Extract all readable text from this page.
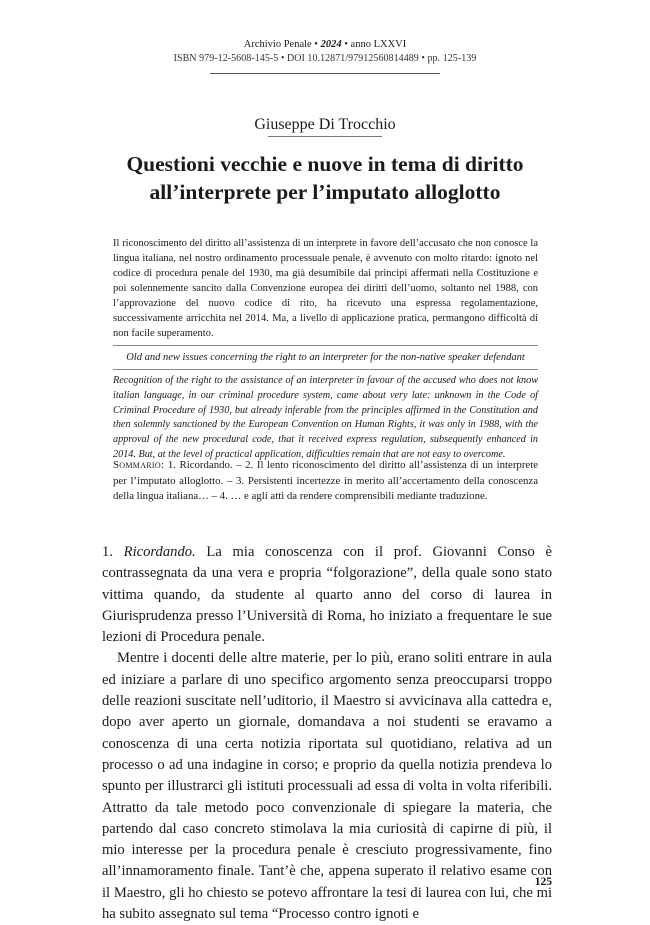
Archivio Penale • 2024 • anno LXXVI
ISBN 979-12-5608-145-5 • DOI 10.12871/97912560814489 • pp. 125-139
Giuseppe Di Trocchio
Questioni vecchie e nuove in tema di diritto
all’interprete per l’imputato alloglotto

Il riconoscimento del diritto all’assistenza di un interprete in favore dell’accusato che non conosce la lingua italiana, nel nostro ordinamento processuale penale, è avvenuto con molto ritardo: ignoto nel codice di procedura penale del 1930, ma già desumibile dai principi affermati nella Costituzione e poi solennemente sancito dalla Convenzione europea dei diritti dell’uomo, soltanto nel 1988, con l’approvazione del nuovo codice di rito, ha ricevuto una espressa regolamentazione, successivamente arricchita nel 2014. Ma, a livello di applicazione pratica, permangono difficoltà di non facile superamento.

Old and new issues concerning the right to an interpreter for the non-native speaker defendant

Recognition of the right to the assistance of an interpreter in favour of the accused who does not know italian language, in our criminal procedure system, came about very late: unknown in the Code of Criminal Procedure of 1930, but already inferable from the principles affirmed in the Constitution and then solemnly sanctioned by the European Convention on Human Rights, it was only in 1988, with the approval of the new procedural code, that it received express regulation, subsequently enhanced in 2014. But, at the level of practical application, difficulties remain that are not easy to overcome.

Sommario: 1. Ricordando. – 2. Il lento riconoscimento del diritto all’assistenza di un interprete per l’imputato alloglotto. – 3. Persistenti incertezze in merito all’accertamento della conoscenza della lingua italiana… – 4. … e agli atti da rendere comprensibili mediante traduzione.

1. Ricordando. La mia conoscenza con il prof. Giovanni Conso è contrassegnata da una vera e propria “folgorazione”, della quale sono stato vittima quando, da studente al quarto anno del corso di laurea in Giurisprudenza presso l’Università di Roma, ho iniziato a frequentare le sue lezioni di Procedura penale.

Mentre i docenti delle altre materie, per lo più, erano soliti entrare in aula ed iniziare a parlare di uno specifico argomento senza preoccuparsi troppo delle reazioni suscitate nell’uditorio, il Maestro si avvicinava alla cattedra e, dopo aver aperto un giornale, domandava a noi studenti se eravamo a conoscenza di una certa notizia riportata sul quotidiano, relativa ad un processo o ad una indagine in corso; e proprio da quella notizia prendeva lo spunto per illustrarci gli istituti processuali ad essa di volta in volta riferibili. Attratto da tale metodo poco convenzionale di spiegare la materia, che partendo dal caso concreto stimolava la mia curiosità di capirne di più, il mio interesse per la procedura penale è cresciuto progressivamente, fino all’innamoramento finale. Tant’è che, appena superato il relativo esame con il Maestro, gli ho chiesto se potevo affrontare la tesi di laurea con lui, che mi ha subito assegnato sul tema “Processo contro ignoti e

125
